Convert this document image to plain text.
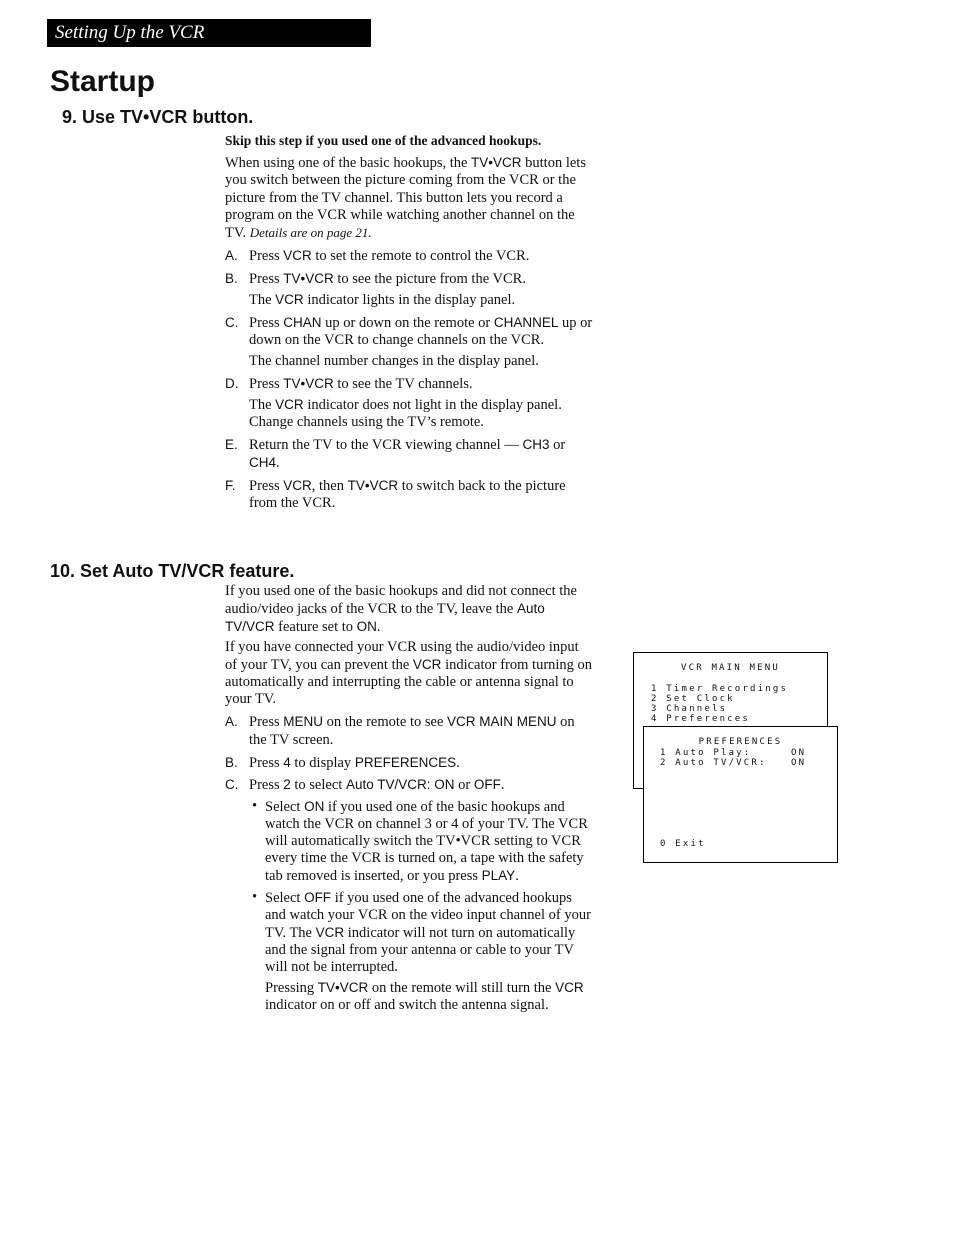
Setting Up the VCR
Startup
9. Use TV•VCR button.

Skip this step if you used one of the advanced hookups.

When using one of the basic hookups, the TV•VCR button lets you switch between the picture coming from the VCR or the picture from the TV channel. This button lets you record a program on the VCR while watching another channel on the TV. Details are on page 21.

A. Press VCR to set the remote to control the VCR.

B. Press TV•VCR to see the picture from the VCR.

The VCR indicator lights in the display panel.

C. Press CHAN up or down on the remote or CHANNEL up or down on the VCR to change channels on the VCR.

The channel number changes in the display panel.

D. Press TV•VCR to see the TV channels.

The VCR indicator does not light in the display panel. Change channels using the TV’s remote.

E. Return the TV to the VCR viewing channel — CH3 or CH4.

F. Press VCR, then TV•VCR to switch back to the picture from the VCR.

10. Set Auto TV/VCR feature.

If you used one of the basic hookups and did not connect the audio/video jacks of the VCR to the TV, leave the Auto TV/VCR feature set to ON.

If you have connected your VCR using the audio/video input of your TV, you can prevent the VCR indicator from turning on automatically and interrupting the cable or antenna signal to your TV.

A. Press MENU on the remote to see VCR MAIN MENU on the TV screen.

B. Press 4 to display PREFERENCES.

C. Press 2 to select Auto TV/VCR: ON or OFF.

• Select ON if you used one of the basic hookups and watch the VCR on channel 3 or 4 of your TV. The VCR will automatically switch the TV•VCR setting to VCR every time the VCR is turned on, a tape with the safety tab removed is inserted, or you press PLAY.

• Select OFF if you used one of the advanced hookups and watch your VCR on the video input channel of your TV. The VCR indicator will not turn on automatically and the signal from your antenna or cable to your TV will not be interrupted.

Pressing TV•VCR on the remote will still turn the VCR indicator on or off and switch the antenna signal.

VCR MAIN MENU

1 Timer Recordings

2 Set Clock

3 Channels

4 Preferences

PREFERENCES

1 Auto Play:

	ON

2 Auto TV/VCR:

	ON

0 Exit
